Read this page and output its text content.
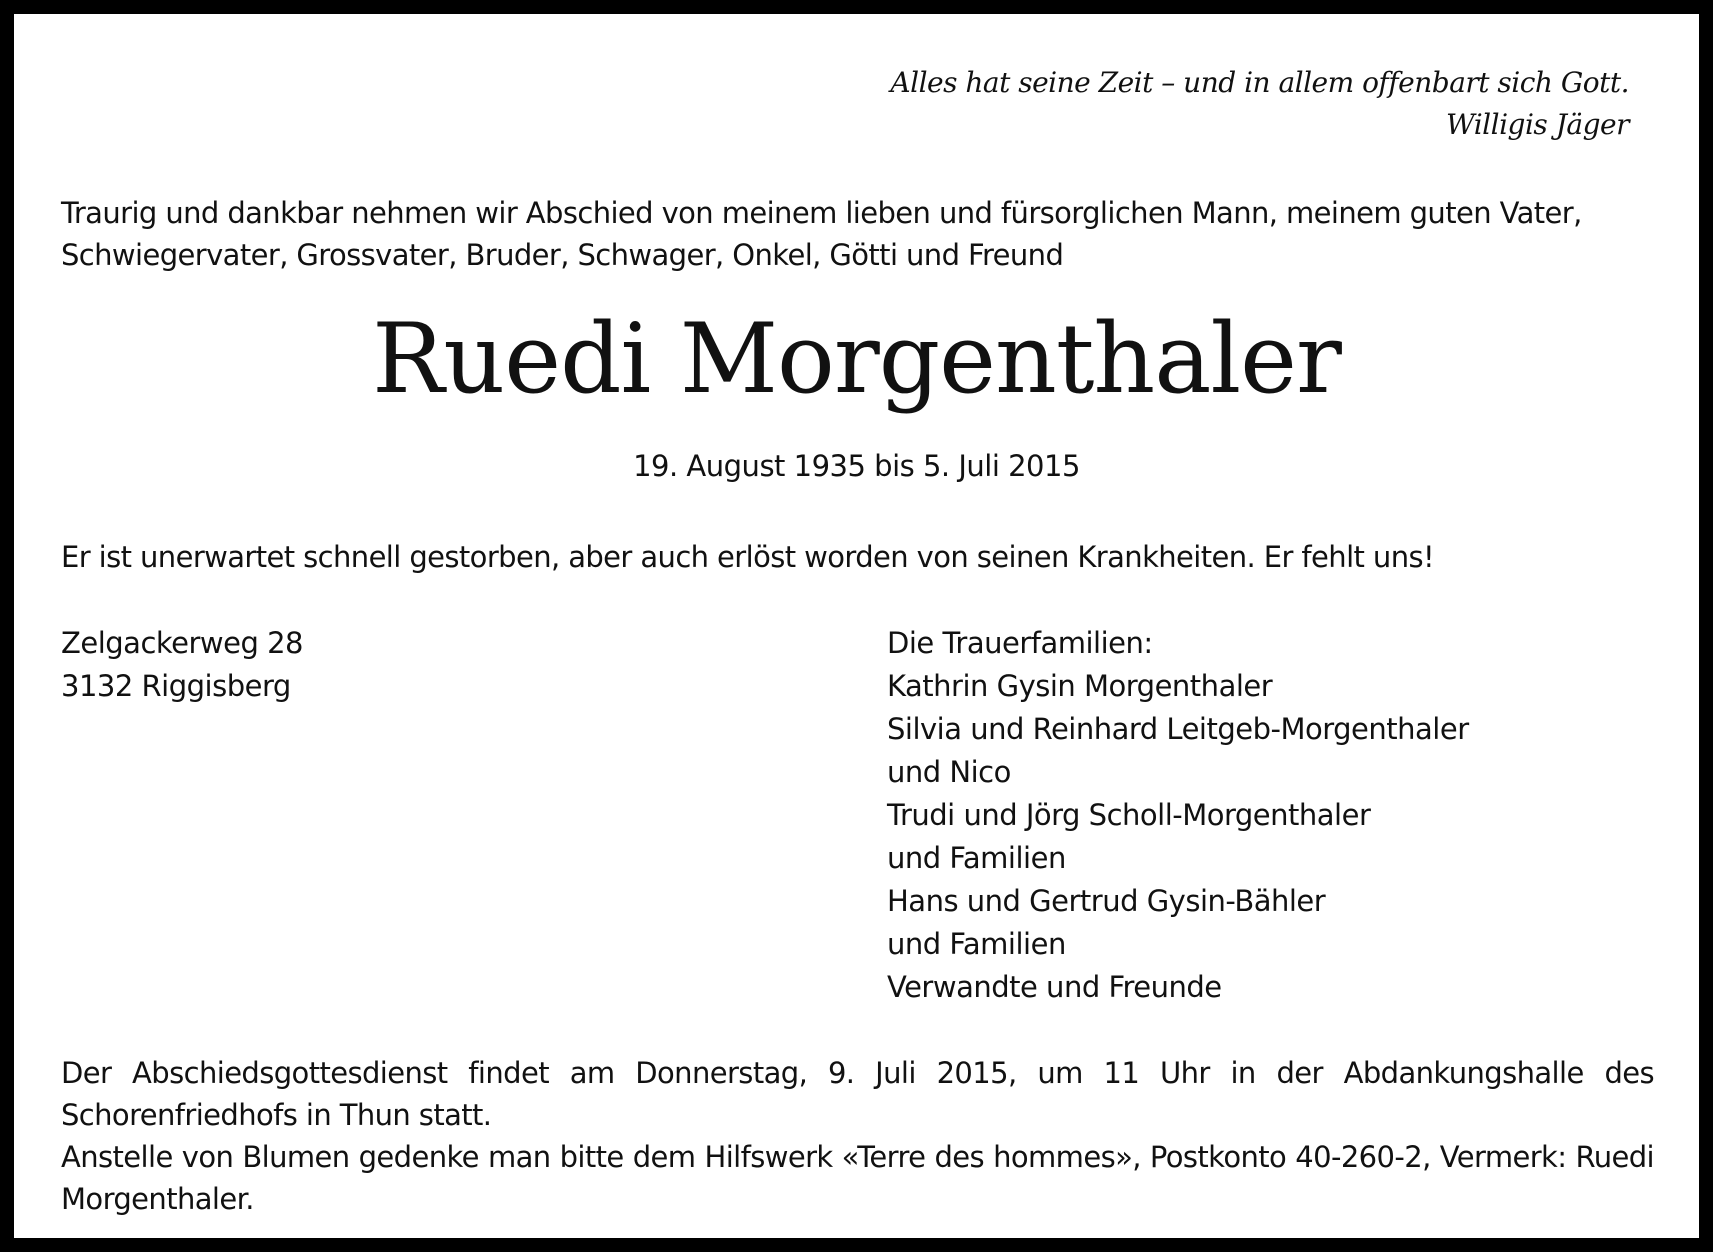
Alles hat seine Zeit – und in allem offenbart sich Gott.
Willigis Jäger
Traurig und dankbar nehmen wir Abschied von meinem lieben und fürsorglichen Mann, meinem guten Vater,
Schwiegervater, Grossvater, Bruder, Schwager, Onkel, Götti und Freund
Ruedi Morgenthaler
19. August 1935 bis 5. Juli 2015
Er ist unerwartet schnell gestorben, aber auch erlöst worden von seinen Krankheiten. Er fehlt uns!
Zelgackerweg 28
3132 Riggisberg
Die Trauerfamilien:
Kathrin Gysin Morgenthaler
Silvia und Reinhard Leitgeb-Morgenthaler
und Nico
Trudi und Jörg Scholl-Morgenthaler
und Familien
Hans und Gertrud Gysin-Bähler
und Familien
Verwandte und Freunde

Der Abschiedsgottesdienst findet am Donnerstag, 9. Juli 2015, um 11 Uhr in der Abdankungshalle des Schorenfriedhofs in Thun statt.

Anstelle von Blumen gedenke man bitte dem Hilfswerk «Terre des hommes», Postkonto 40-260-2, Vermerk: Ruedi Morgenthaler.
